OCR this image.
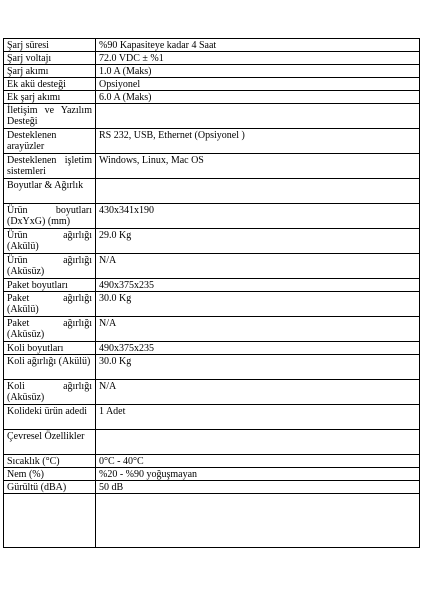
Şarj süresi	%90 Kapasiteye kadar 4 Saat
Şarj voltajı	72.0 VDC ± %1
Şarj akımı	1.0 A (Maks)
Ek akü desteği	Opsiyonel
Ek şarj akımı	6.0 A (Maks)
İletişim ve Yazılım Desteği	
Desteklenen arayüzler	RS 232, USB, Ethernet (Opsiyonel )
Desteklenen işletim sistemleri	Windows, Linux, Mac OS
Boyutlar & Ağırlık	
Ürün boyutları (DxYxG) (mm)	430x341x190
Ürün ağırlığı (Akülü)	29.0 Kg
Ürün ağırlığı (Aküsüz)	N/A
Paket boyutları	490x375x235
Paket ağırlığı (Akülü)	30.0 Kg
Paket ağırlığı (Aküsüz)	N/A
Koli boyutları	490x375x235
Koli ağırlığı (Akülü)	30.0 Kg
Koli ağırlığı (Aküsüz)	N/A
Kolideki ürün adedi	1 Adet
Çevresel Özellikler	
Sıcaklık (°C)	0°C - 40°C
Nem (%)	%20 - %90 yoğuşmayan
Gürültü (dBA)	50 dB
